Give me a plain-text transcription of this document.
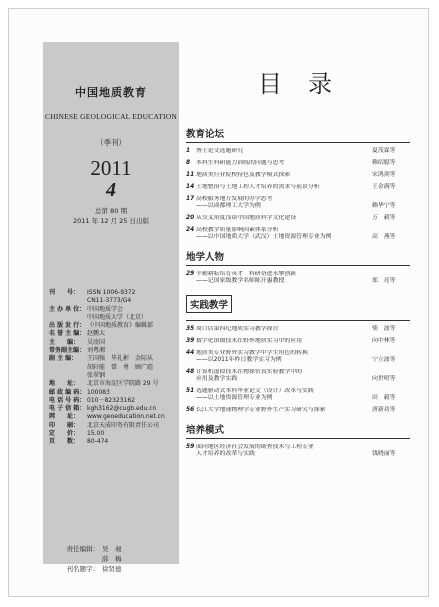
中国地质教育
CHINESE GEOLOGICAL EDUCATION
（季刊）
2011
4
总第 80 期
2011 年 12 月 25 日出版
刊　　号：	ISSN 1006-9372
CN11-3773/G4
主 办 单 位： 中国地质学会
中国地质大学（北京）
出 版 发 行： 《中国地质教育》编辑部
名 誉 主 编： 赵鹏大
主　　编：	吴淦国
常务副主编： 刘粤湘
副 主 编：	王国强　毕礼彬　金际从
胡轩能　曾　勇　顾广彪
张翠钢
地　　址：	北京市海淀区学院路 29 号
邮 政 编 码： 100083
电 话 号 码： 010－82323162
电 子 信 箱： kgh3162@cugb.edu.cn
网　　址：	www.geoeducation.net.cn
印　　刷：	北京天成印务有限责任公司
定　　价：	15.00
页　　数：	80-474
责任编辑： 吴　昶
薛　梅
刊名题字： 徐贤德
目录
教育论坛
1 博士论文选题研究	夏茂霖等
8 本科生科研能力训练的问题与思考	赖绍聪等
11 地质类行业院校特色及教学模式探索	宋鸿剑等
14 土地整治与土地工程人才培养的需求与前景分析	王金满等
17 高校服务地方发展的办学思考
——以成都理工大学为例	赖华宁等
20 从交叉角度浅谈中国地质科学文化建设	万　毅等
24 高校教学质量影响因素体系分析
——以中国地质大学（武汉）土地资源管理专业为例	高　燕等
地学人物
29 辛勤耕耘培育英才　科研奋进永攀创新
——记国家级教学名师陈开惠教授	郑　亮等
实践教学
35 周口店第四纪地质实习教学探讨	柴　波等
39 数字化填图技术在野外地质实习中的应用	向中林等
44 地质类专业野外实习教学中学生角色的转换
——以2011年柞日教学实习为例	宁立波等
48 计算机虚拟技术在物探仿真实验教学中的
应用及教学实践	向世明等
51 选题驱动式本科毕业论文（设计）改革与实践
——以土地资源管理专业为例	田　毅等
56 长江大学地球物理学专业野外生产实习研究与探索	唐新功等
培养模式
59 面向地区经济社会发展的勘查技术与工程专业
人才培养的改革与实践	钱晓丽等
